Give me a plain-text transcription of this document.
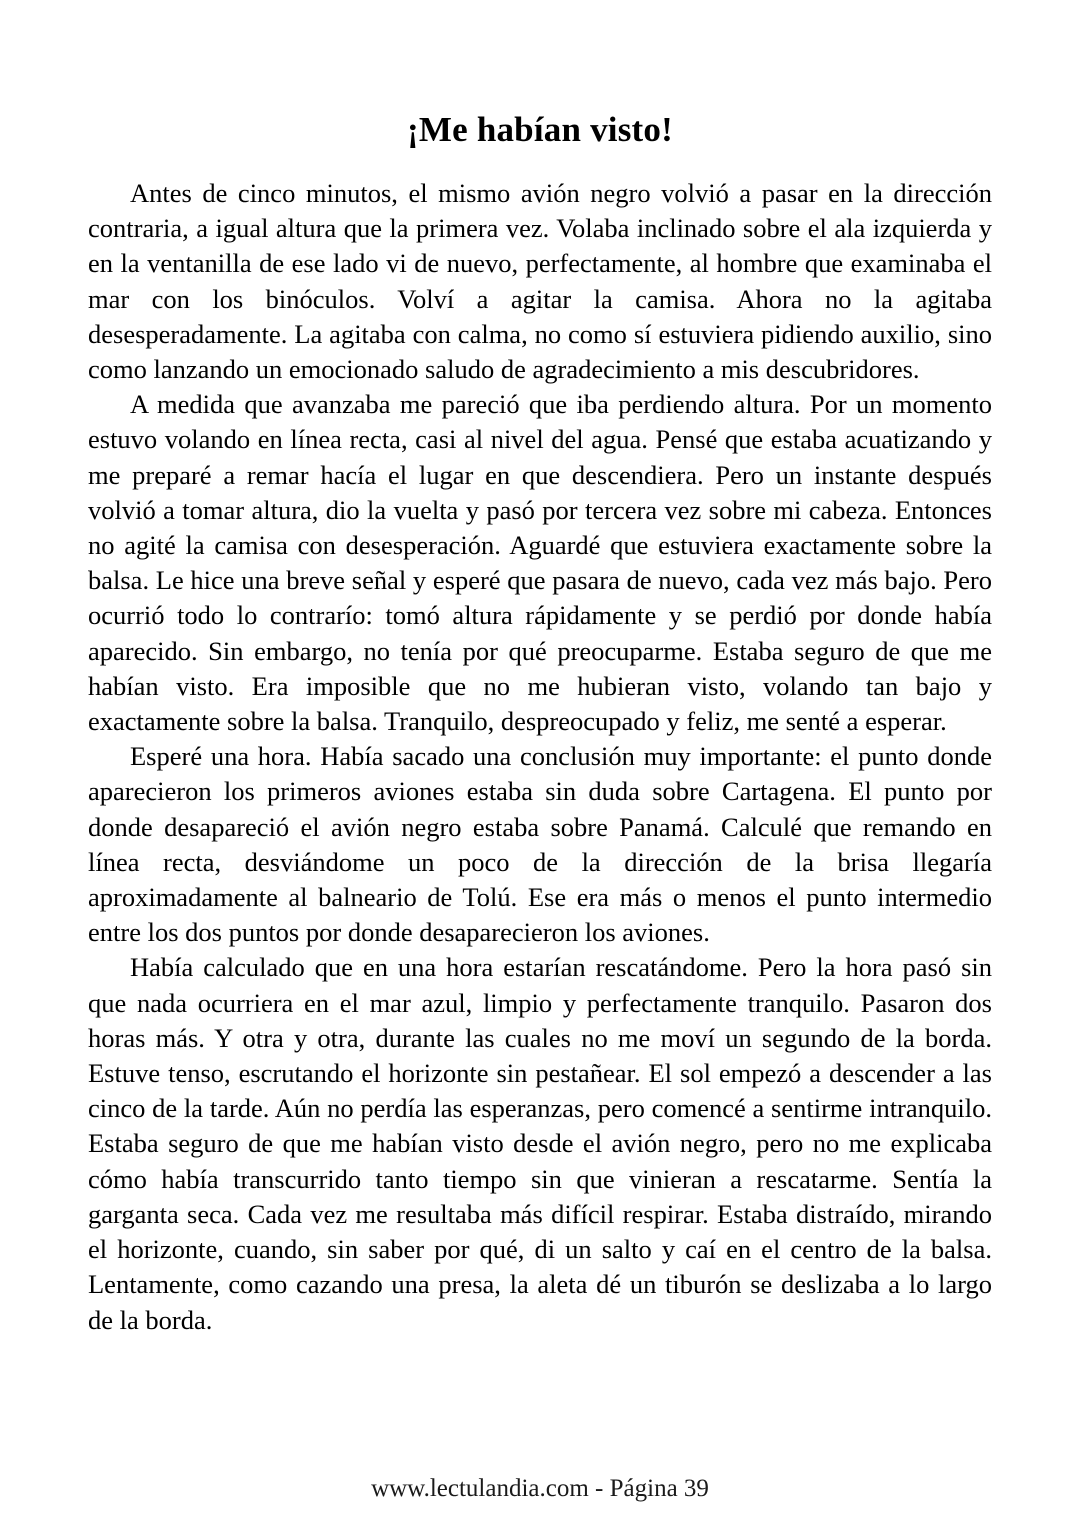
¡Me habían visto!

Antes de cinco minutos, el mismo avión negro volvió a pasar en la dirección contraria, a igual altura que la primera vez. Volaba inclinado sobre el ala izquierda y en la ventanilla de ese lado vi de nuevo, perfectamente, al hombre que examinaba el mar con los binóculos. Volví a agitar la camisa. Ahora no la agitaba desesperadamente. La agitaba con calma, no como sí estuviera pidiendo auxilio, sino como lanzando un emocionado saludo de agradecimiento a mis descubridores.

A medida que avanzaba me pareció que iba perdiendo altura. Por un momento estuvo volando en línea recta, casi al nivel del agua. Pensé que estaba acuatizando y me preparé a remar hacía el lugar en que descendiera. Pero un instante después volvió a tomar altura, dio la vuelta y pasó por tercera vez sobre mi cabeza. Entonces no agité la camisa con desesperación. Aguardé que estuviera exactamente sobre la balsa. Le hice una breve señal y esperé que pasara de nuevo, cada vez más bajo. Pero ocurrió todo lo contrarío: tomó altura rápidamente y se perdió por donde había aparecido. Sin embargo, no tenía por qué preocuparme. Estaba seguro de que me habían visto. Era imposible que no me hubieran visto, volando tan bajo y exactamente sobre la balsa. Tranquilo, despreocupado y feliz, me senté a esperar.

Esperé una hora. Había sacado una conclusión muy importante: el punto donde aparecieron los primeros aviones estaba sin duda sobre Cartagena. El punto por donde desapareció el avión negro estaba sobre Panamá. Calculé que remando en línea recta, desviándome un poco de la dirección de la brisa llegaría aproximadamente al balneario de Tolú. Ese era más o menos el punto intermedio entre los dos puntos por donde desaparecieron los aviones.

Había calculado que en una hora estarían rescatándome. Pero la hora pasó sin que nada ocurriera en el mar azul, limpio y perfectamente tranquilo. Pasaron dos horas más. Y otra y otra, durante las cuales no me moví un segundo de la borda. Estuve tenso, escrutando el horizonte sin pestañear. El sol empezó a descender a las cinco de la tarde. Aún no perdía las esperanzas, pero comencé a sentirme intranquilo. Estaba seguro de que me habían visto desde el avión negro, pero no me explicaba cómo había transcurrido tanto tiempo sin que vinieran a rescatarme. Sentía la garganta seca. Cada vez me resultaba más difícil respirar. Estaba distraído, mirando el horizonte, cuando, sin saber por qué, di un salto y caí en el centro de la balsa. Lentamente, como cazando una presa, la aleta dé un tiburón se deslizaba a lo largo de la borda.

www.lectulandia.com - Página 39
